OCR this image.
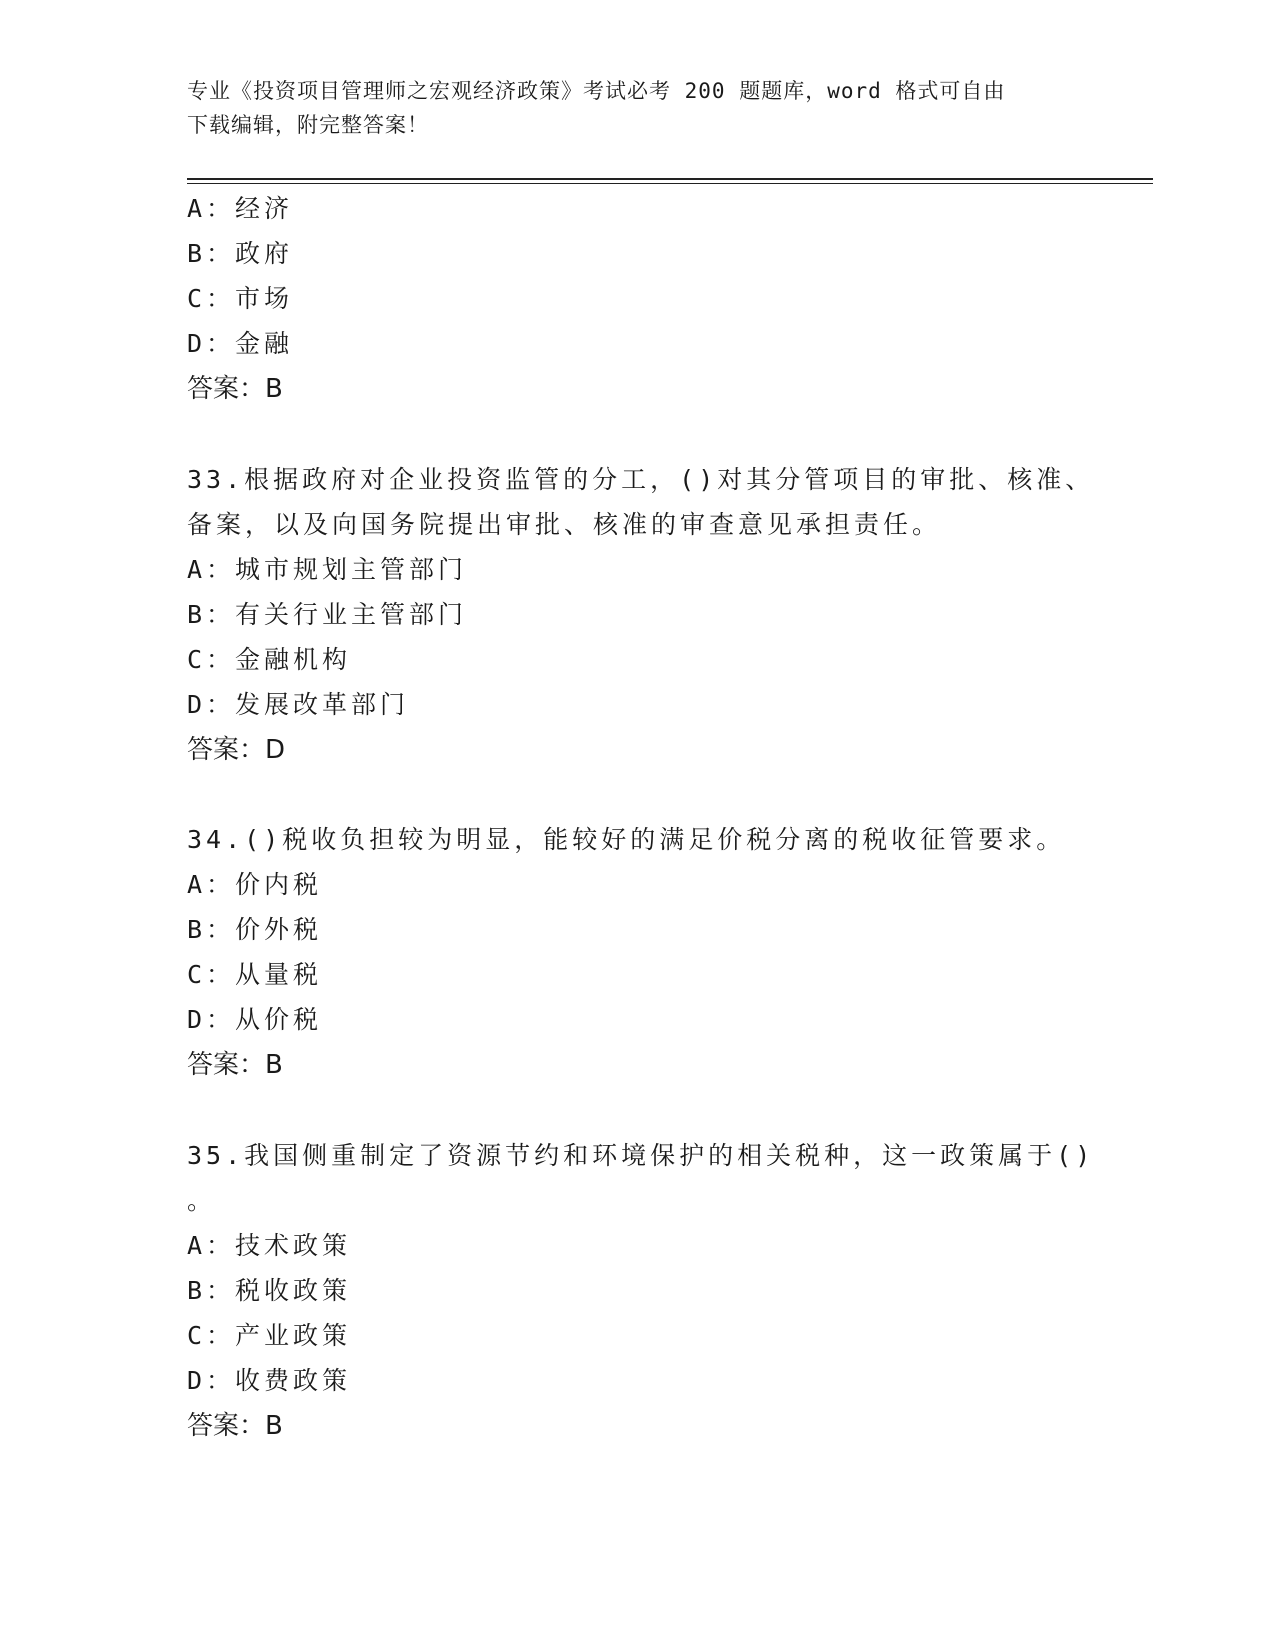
专业《投资项目管理师之宏观经济政策》考试必考 200 题题库，word 格式可自由
下载编辑，附完整答案！
A：经济
B：政府
C：市场
D：金融
答案：B
33.根据政府对企业投资监管的分工，()对其分管项目的审批、核准、
备案，以及向国务院提出审批、核准的审查意见承担责任。
A：城市规划主管部门
B：有关行业主管部门
C：金融机构
D：发展改革部门
答案：D
34.()税收负担较为明显，能较好的满足价税分离的税收征管要求。
A：价内税
B：价外税
C：从量税
D：从价税
答案：B
35.我国侧重制定了资源节约和环境保护的相关税种，这一政策属于()
。
A：技术政策
B：税收政策
C：产业政策
D：收费政策
答案：B
